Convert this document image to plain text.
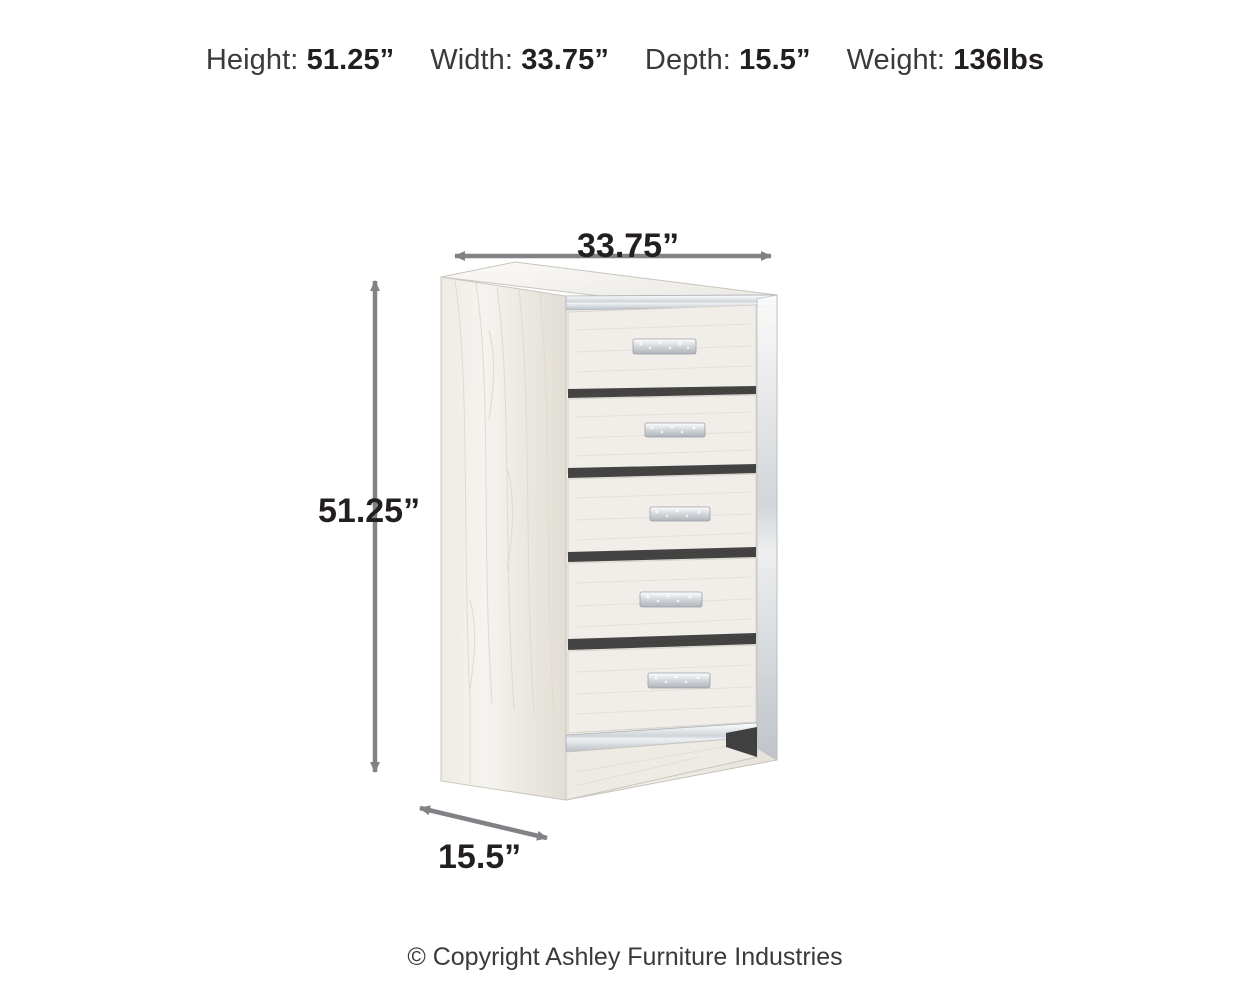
Height: 51.25” Width: 33.75” Depth: 15.5” Weight: 136lbs
33.75”
51.25”
15.5”
© Copyright Ashley Furniture Industries
